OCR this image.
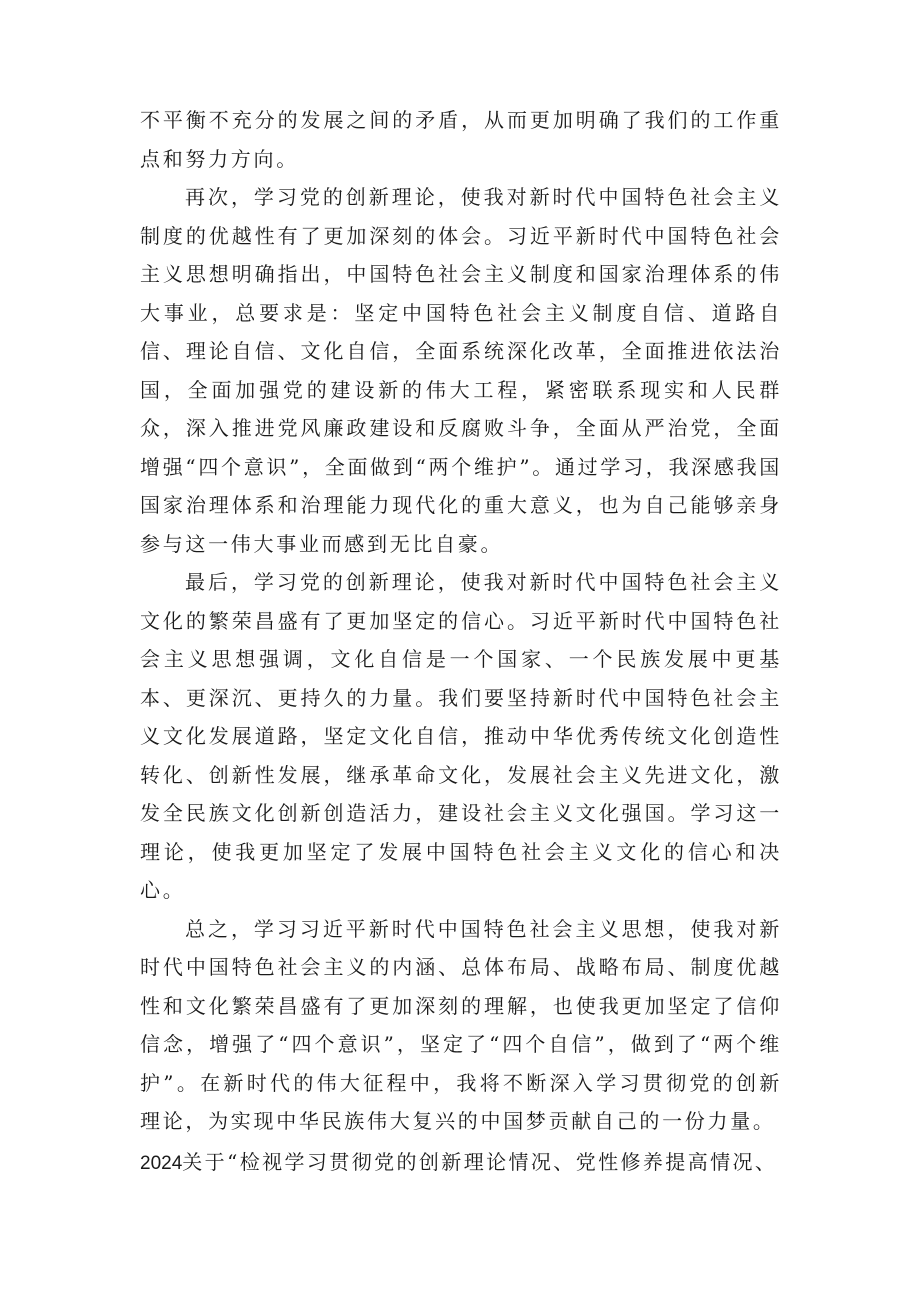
不平衡不充分的发展之间的矛盾，从而更加明确了我们的工作重点和努力方向。

再次，学习党的创新理论，使我对新时代中国特色社会主义制度的优越性有了更加深刻的体会。习近平新时代中国特色社会主义思想明确指出，中国特色社会主义制度和国家治理体系的伟大事业，总要求是：坚定中国特色社会主义制度自信、道路自信、理论自信、文化自信，全面系统深化改革，全面推进依法治国，全面加强党的建设新的伟大工程，紧密联系现实和人民群众，深入推进党风廉政建设和反腐败斗争，全面从严治党，全面增强“四个意识”，全面做到“两个维护”。通过学习，我深感我国国家治理体系和治理能力现代化的重大意义，也为自己能够亲身参与这一伟大事业而感到无比自豪。

最后，学习党的创新理论，使我对新时代中国特色社会主义文化的繁荣昌盛有了更加坚定的信心。习近平新时代中国特色社会主义思想强调，文化自信是一个国家、一个民族发展中更基本、更深沉、更持久的力量。我们要坚持新时代中国特色社会主义文化发展道路，坚定文化自信，推动中华优秀传统文化创造性转化、创新性发展，继承革命文化，发展社会主义先进文化，激发全民族文化创新创造活力，建设社会主义文化强国。学习这一理论，使我更加坚定了发展中国特色社会主义文化的信心和决心。

总之，学习习近平新时代中国特色社会主义思想，使我对新时代中国特色社会主义的内涵、总体布局、战略布局、制度优越性和文化繁荣昌盛有了更加深刻的理解，也使我更加坚定了信仰信念，增强了“四个意识”，坚定了“四个自信”，做到了“两个维护”。在新时代的伟大征程中，我将不断深入学习贯彻党的创新理论，为实现中华民族伟大复兴的中国梦贡献自己的一份力量。

2024关于“检视学习贯彻党的创新理论情况、党性修养提高情况、
